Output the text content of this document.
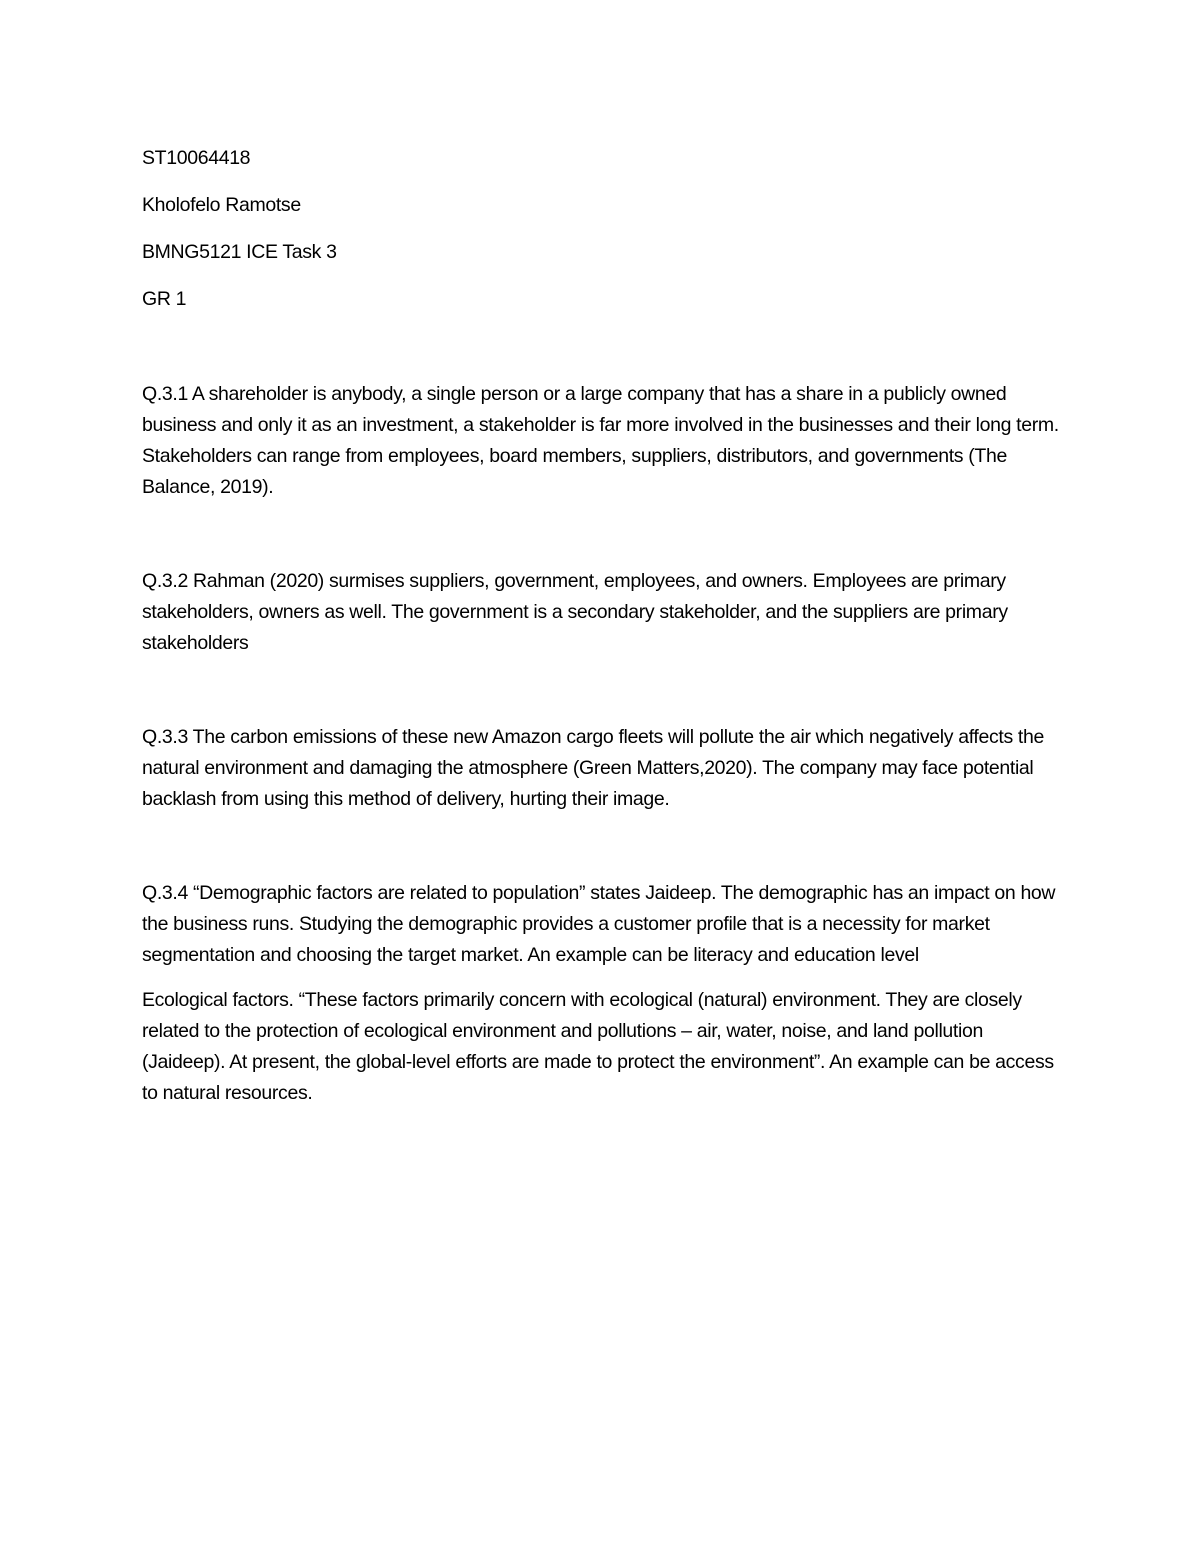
ST10064418

Kholofelo Ramotse

BMNG5121 ICE Task 3

GR 1

Q.3.1 A shareholder is anybody, a single person or a large company that has a share in a publicly owned business and only it as an investment, a stakeholder is far more involved in the businesses and their long term. Stakeholders can range from employees, board members, suppliers, distributors, and governments (The Balance, 2019).

Q.3.2 Rahman (2020) surmises suppliers, government, employees, and owners. Employees are primary stakeholders, owners as well. The government is a secondary stakeholder, and the suppliers are primary stakeholders

Q.3.3 The carbon emissions of these new Amazon cargo fleets will pollute the air which negatively affects the natural environment and damaging the atmosphere (Green Matters,2020). The company may face potential backlash from using this method of delivery, hurting their image.

Q.3.4 “Demographic factors are related to population” states Jaideep. The demographic has an impact on how the business runs. Studying the demographic provides a customer profile that is a necessity for market segmentation and choosing the target market. An example can be literacy and education level

Ecological factors. “These factors primarily concern with ecological (natural) environment. They are closely related to the protection of ecological environment and pollutions – air, water, noise, and land pollution (Jaideep). At present, the global-level efforts are made to protect the environment”. An example can be access to natural resources.
